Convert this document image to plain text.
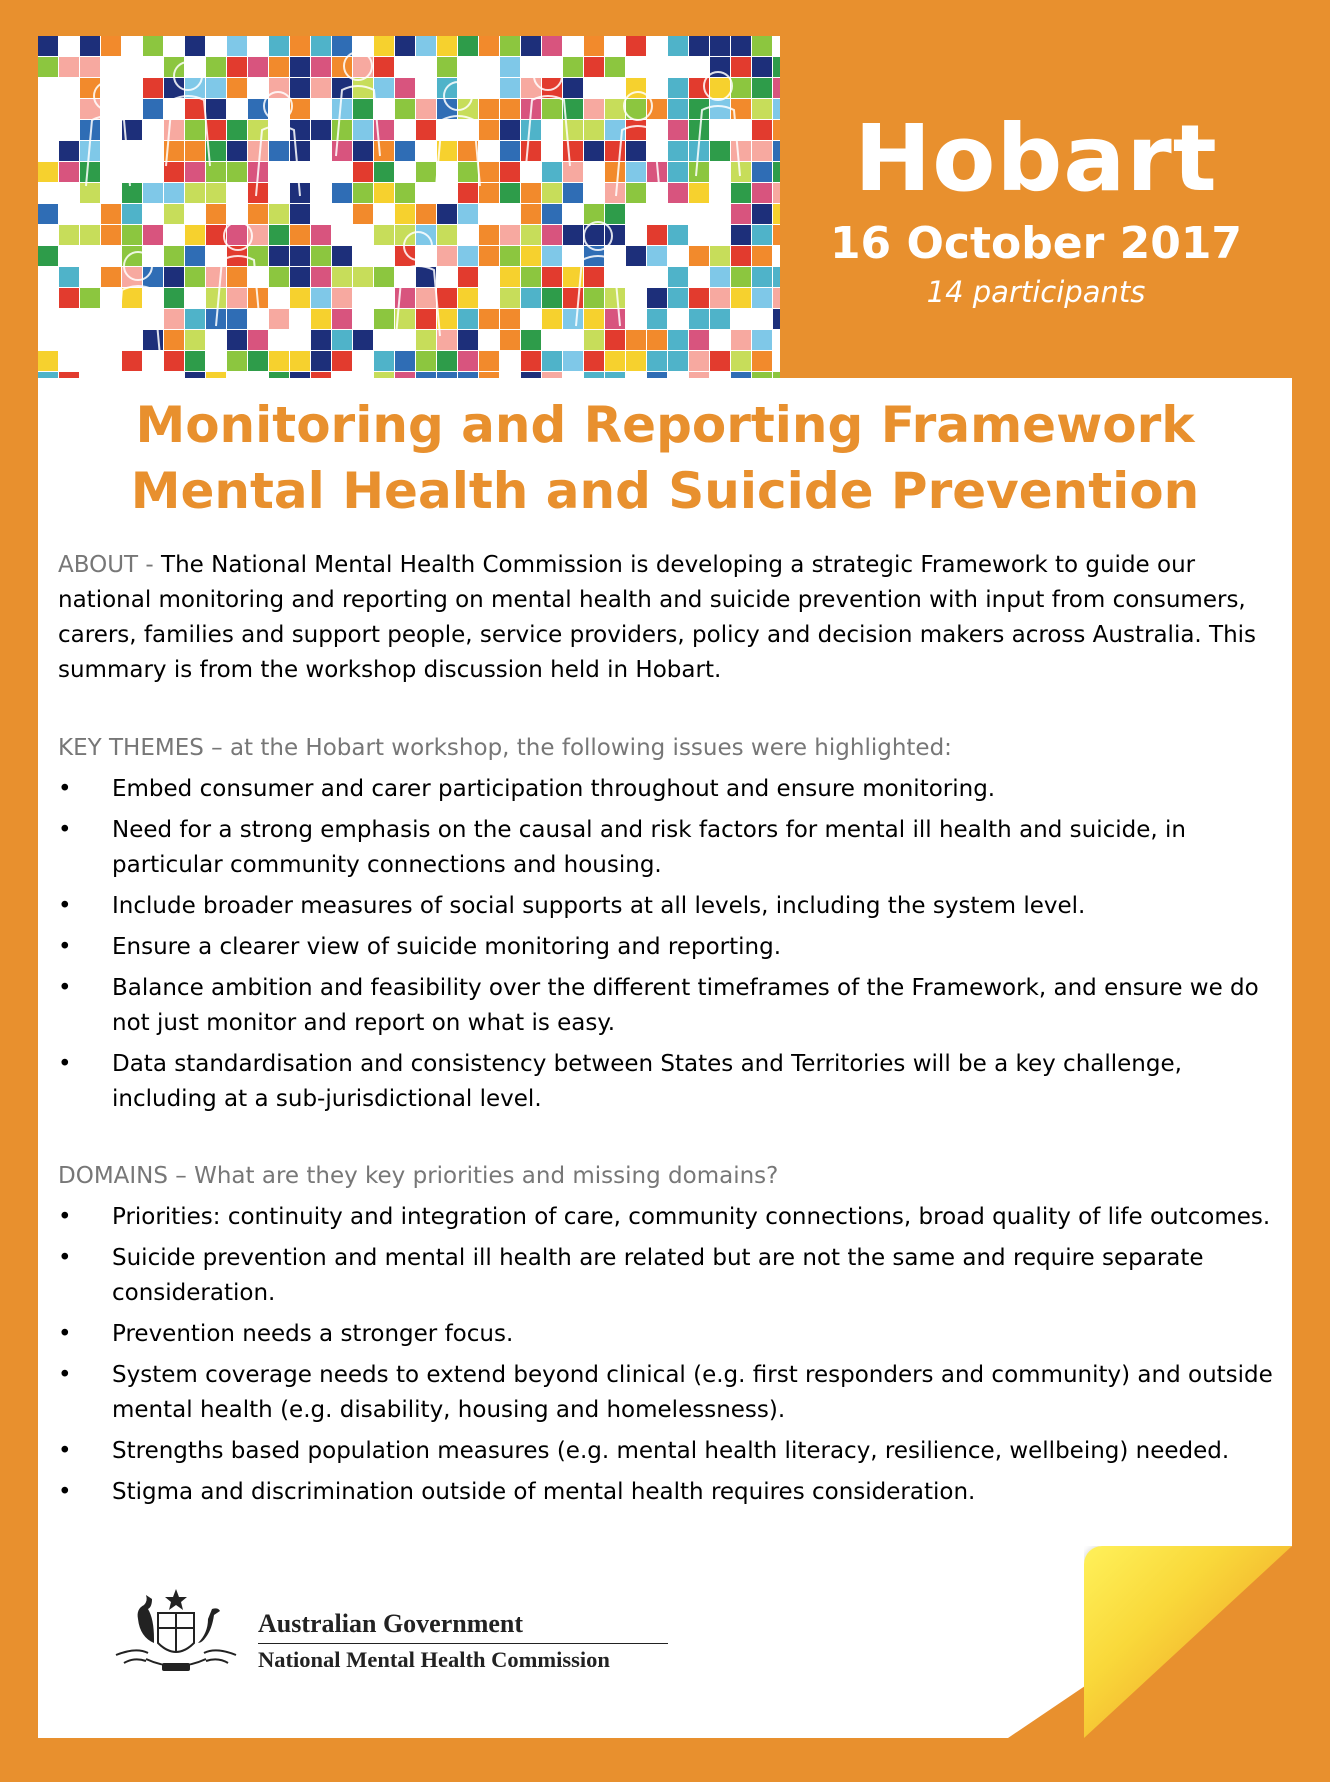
Hobart
16 October 2017
14 participants
Monitoring and Reporting Framework
Mental Health and Suicide Prevention

ABOUT - The National Mental Health Commission is developing a strategic Framework to guide our national monitoring and reporting on mental health and suicide prevention with input from consumers, carers, families and support people, service providers, policy and decision makers across Australia. This summary is from the workshop discussion held in Hobart.

KEY THEMES – at the Hobart workshop, the following issues were highlighted:
• Embed consumer and carer participation throughout and ensure monitoring.
• Need for a strong emphasis on the causal and risk factors for mental ill health and suicide, in particular community connections and housing.
• Include broader measures of social supports at all levels, including the system level.
• Ensure a clearer view of suicide monitoring and reporting.
• Balance ambition and feasibility over the different timeframes of the Framework, and ensure we do not just monitor and report on what is easy.
• Data standardisation and consistency between States and Territories will be a key challenge, including at a sub-jurisdictional level.
DOMAINS – What are they key priorities and missing domains?
• Priorities: continuity and integration of care, community connections, broad quality of life outcomes.
• Suicide prevention and mental ill health are related but are not the same and require separate consideration.
• Prevention needs a stronger focus.
• System coverage needs to extend beyond clinical (e.g. first responders and community) and outside mental health (e.g. disability, housing and homelessness).
• Strengths based population measures (e.g. mental health literacy, resilience, wellbeing) needed.
• Stigma and discrimination outside of mental health requires consideration.
Australian Government
National Mental Health Commission
